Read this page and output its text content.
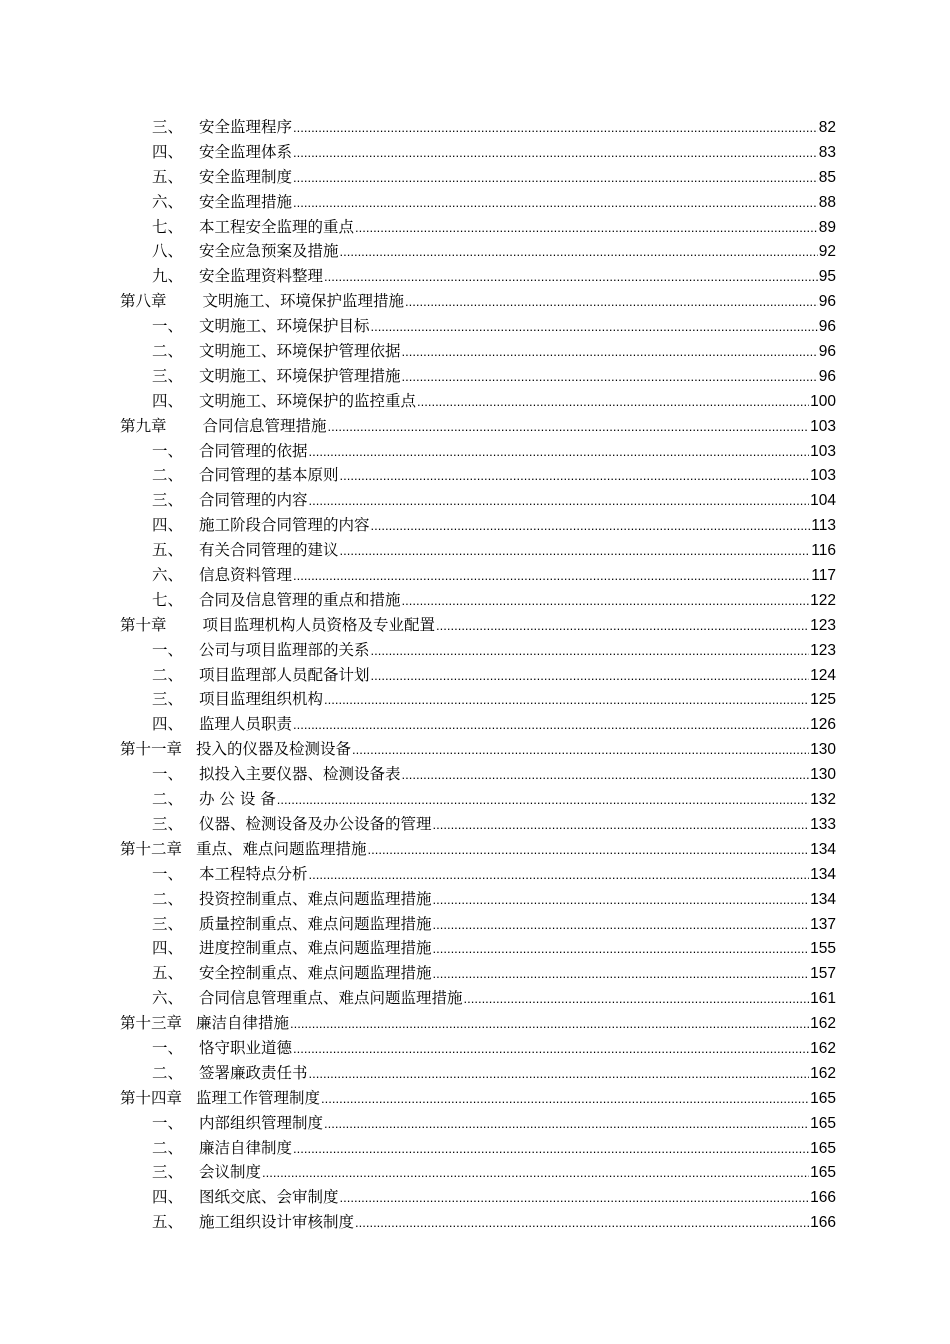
三、 安全监理程序 .....	82
四、 安全监理体系 .....	83
五、 安全监理制度 .....	85
六、 安全监理措施 .....	88
七、 本工程安全监理的重点 .....	89
八、 安全应急预案及措施 .....	92
九、 安全监理资料整理 .....	95
第八章 文明施工、环境保护监理措施 .....	96
一、 文明施工、环境保护目标 .....	96
二、 文明施工、环境保护管理依据 .....	96
三、 文明施工、环境保护管理措施 .....	96
四、 文明施工、环境保护的监控重点 .....	100
第九章 合同信息管理措施 .....	103
一、 合同管理的依据 .....	103
二、 合同管理的基本原则 .....	103
三、 合同管理的内容 .....	104
四、 施工阶段合同管理的内容 .....	113
五、 有关合同管理的建议 .....	116
六、 信息资料管理 .....	117
七、 合同及信息管理的重点和措施 .....	122
第十章 项目监理机构人员资格及专业配置 .....	123
一、 公司与项目监理部的关系 .....	123
二、 项目监理部人员配备计划 .....	124
三、 项目监理组织机构 .....	125
四、 监理人员职责 .....	126
第十一章 投入的仪器及检测设备 .....	130
一、 拟投入主要仪器、检测设备表 .....	130
二、 办 公 设 备 .....	132
三、 仪器、检测设备及办公设备的管理 .....	133
第十二章 重点、难点问题监理措施 .....	134
一、 本工程特点分析 .....	134
二、 投资控制重点、难点问题监理措施 .....	134
三、 质量控制重点、难点问题监理措施 .....	137
四、 进度控制重点、难点问题监理措施 .....	155
五、 安全控制重点、难点问题监理措施 .....	157
六、 合同信息管理重点、难点问题监理措施 .....	161
第十三章 廉洁自律措施 .....	162
一、 恪守职业道德 .....	162
二、 签署廉政责任书 .....	162
第十四章 监理工作管理制度 .....	165
一、 内部组织管理制度 .....	165
二、 廉洁自律制度 .....	165
三、 会议制度 .....	165
四、 图纸交底、会审制度 .....	166
五、 施工组织设计审核制度 .....	166
